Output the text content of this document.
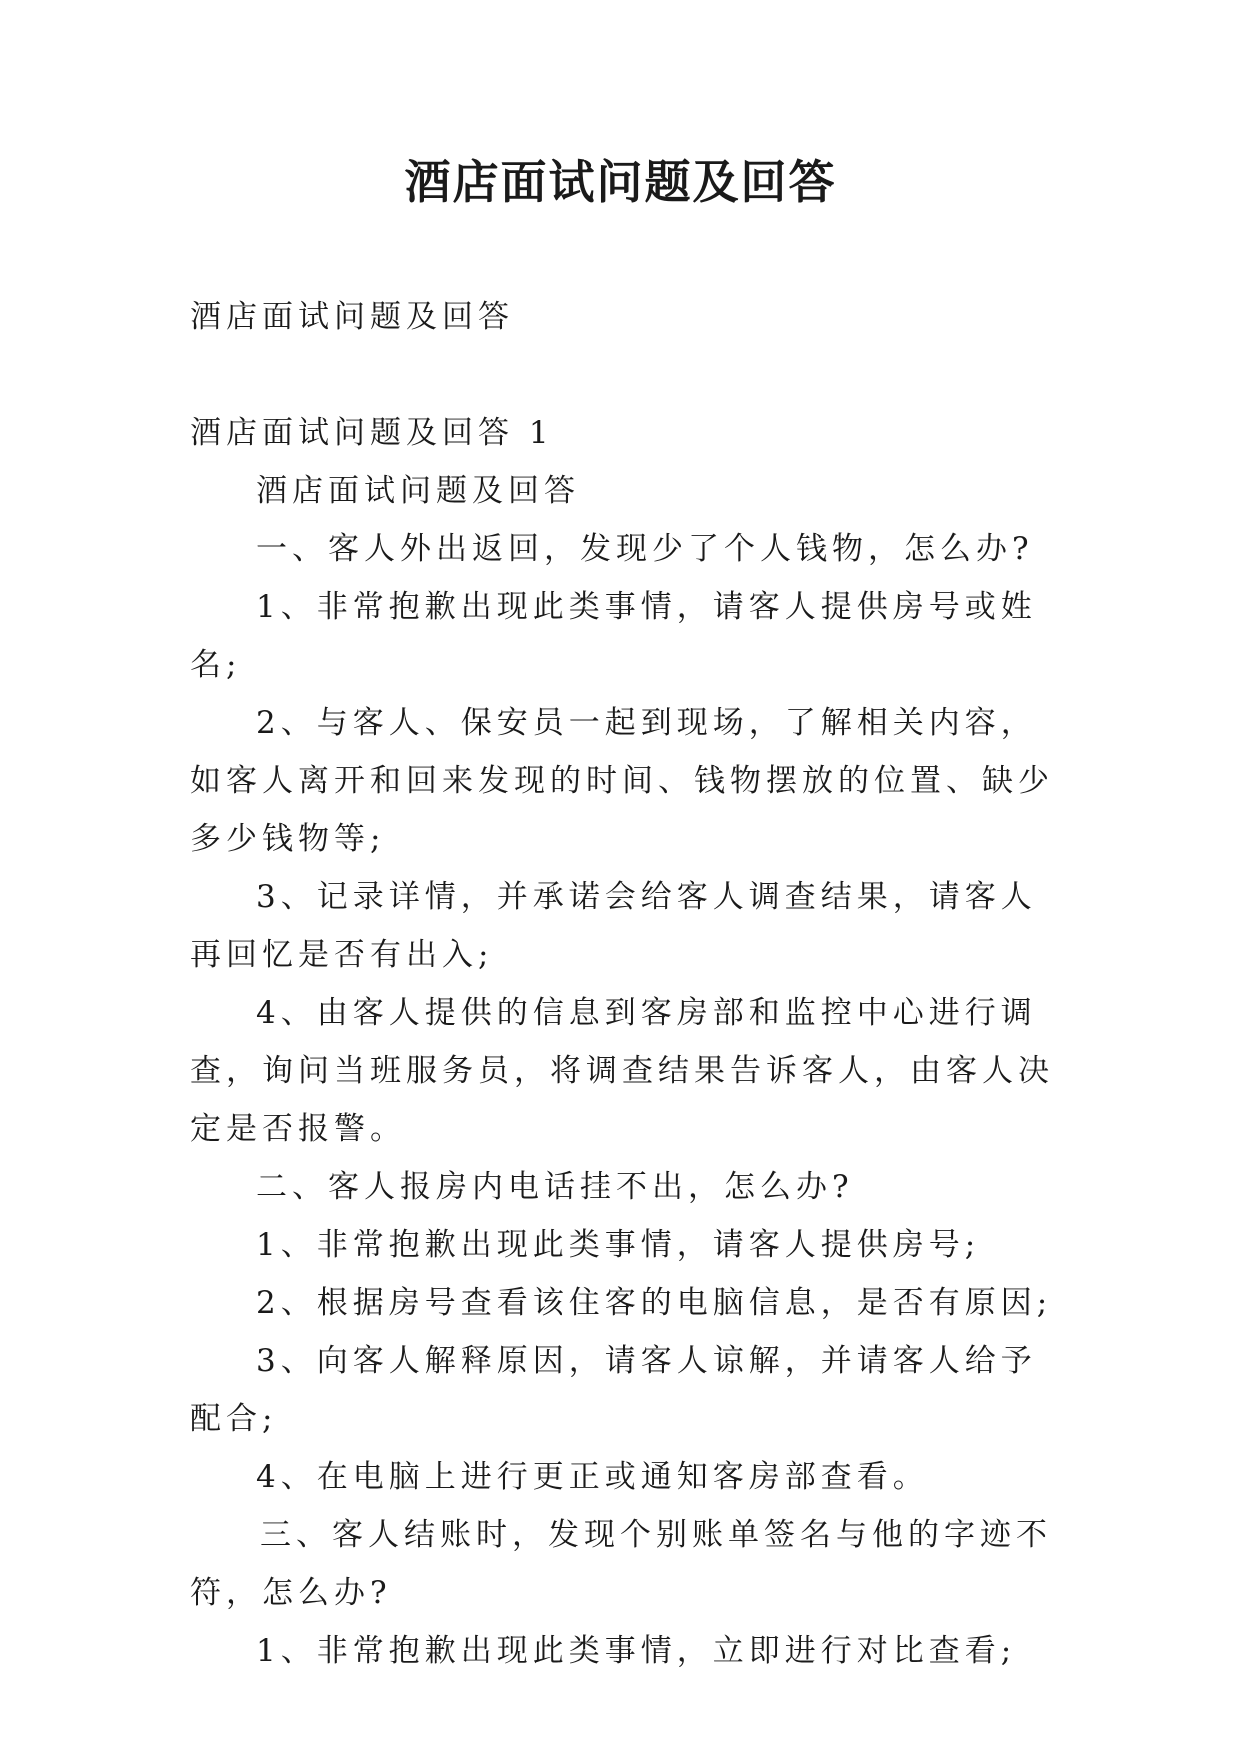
酒店面试问题及回答

酒店面试问题及回答

酒店面试问题及回答 1

酒店面试问题及回答

一、客人外出返回，发现少了个人钱物，怎么办?

1、非常抱歉出现此类事情，请客人提供房号或姓名;

2、与客人、保安员一起到现场，了解相关内容，如客人离开和回来发现的时间、钱物摆放的位置、缺少多少钱物等;

3、记录详情，并承诺会给客人调查结果，请客人再回忆是否有出入;

4、由客人提供的信息到客房部和监控中心进行调查，询问当班服务员，将调查结果告诉客人，由客人决定是否报警。

二、客人报房内电话挂不出，怎么办?

1、非常抱歉出现此类事情，请客人提供房号;

2、根据房号查看该住客的电脑信息，是否有原因;

3、向客人解释原因，请客人谅解，并请客人给予配合;

4、在电脑上进行更正或通知客房部查看。

三、客人结账时，发现个别账单签名与他的字迹不符，怎么办?

1、非常抱歉出现此类事情，立即进行对比查看;
